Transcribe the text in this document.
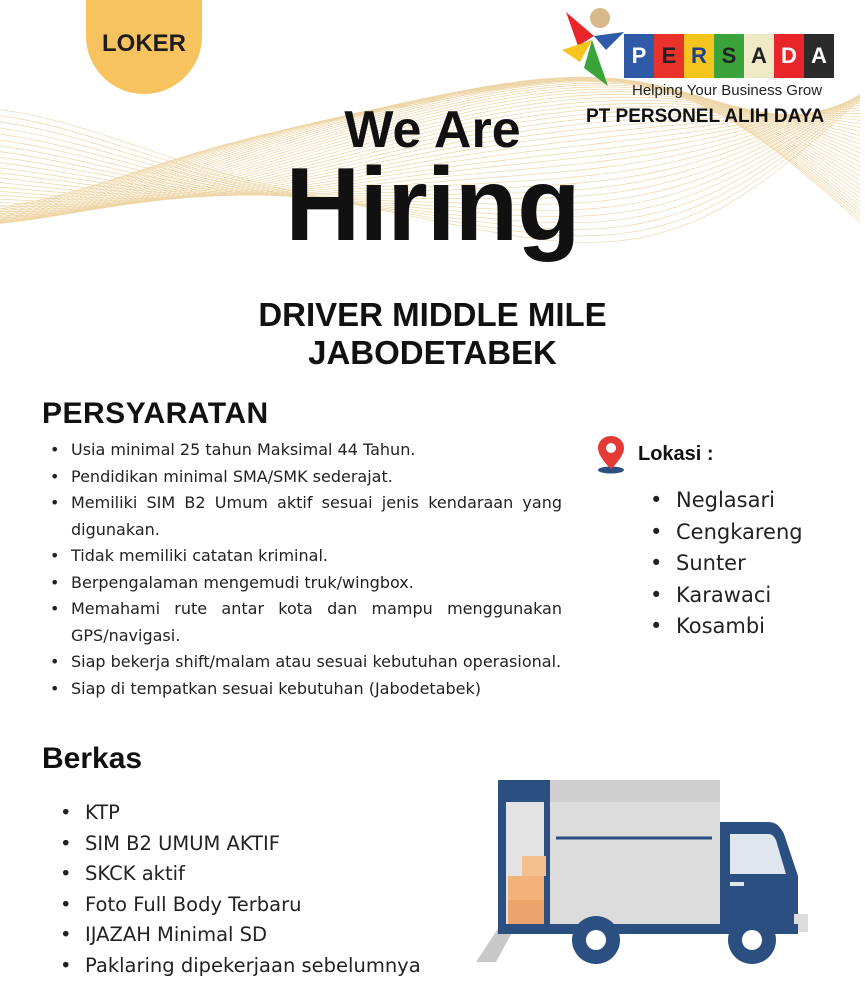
LOKER	P E R S A D A
Helping Your Business Grow
PT PERSONEL ALIH DAYA
We Are
Hiring
DRIVER MIDDLE MILE
JABODETABEK
PERSYARATAN
• Usia minimal 25 tahun Maksimal 44 Tahun.
• Pendidikan minimal SMA/SMK sederajat.
• Memiliki SIM B2 Umum aktif sesuai jenis kendaraan yang digunakan.
• Tidak memiliki catatan kriminal.
• Berpengalaman mengemudi truk/wingbox.
• Memahami rute antar kota dan mampu menggunakan GPS/navigasi.
• Siap bekerja shift/malam atau sesuai kebutuhan operasional.
• Siap di tempatkan sesuai kebutuhan (Jabodetabek)
Lokasi :
• Neglasari
• Cengkareng
• Sunter
• Karawaci
• Kosambi
Berkas
• KTP
• SIM B2 UMUM AKTIF
• SKCK aktif
• Foto Full Body Terbaru
• IJAZAH Minimal SD
• Paklaring dipekerjaan sebelumnya
